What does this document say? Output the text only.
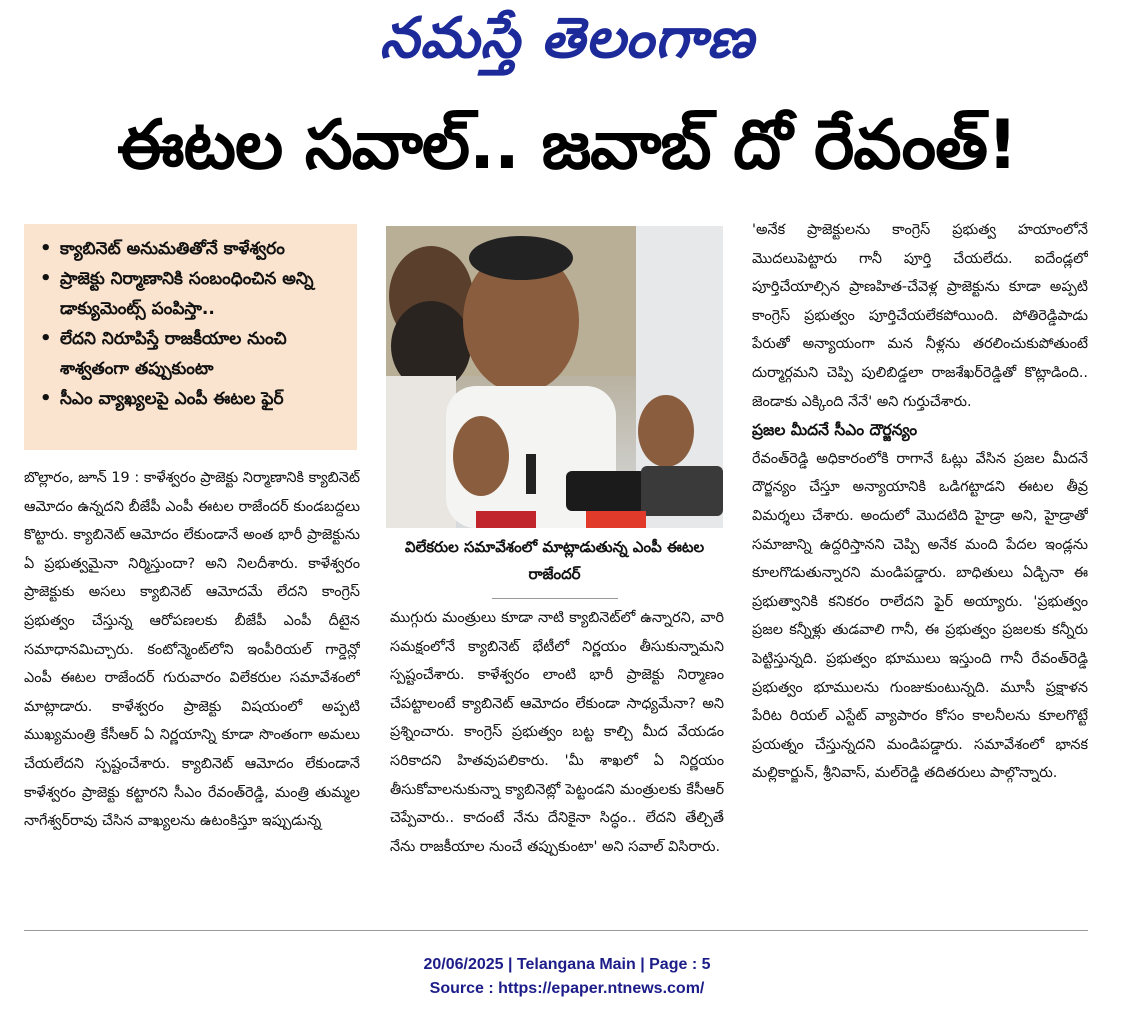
నమస్తే తెలంగాణ
ఈటల సవాల్.. జవాబ్ దో రేవంత్!
• క్యాబినెట్ అనుమతితోనే కాళేశ్వరం
• ప్రాజెక్టు నిర్మాణానికి సంబంధించిన అన్ని డాక్యుమెంట్స్ పంపిస్తా..
• లేదని నిరూపిస్తే రాజకీయాల నుంచి శాశ్వతంగా తప్పుకుంటా
• సీఎం వ్యాఖ్యలపై ఎంపీ ఈటల ఫైర్
విలేకరుల సమావేశంలో మాట్లాడుతున్న ఎంపీ ఈటల రాజేందర్

బొల్లారం, జూన్ 19 : కాళేశ్వరం ప్రాజెక్టు నిర్మాణానికి క్యాబినెట్ ఆమోదం ఉన్నదని బీజేపీ ఎంపీ ఈటల రాజేందర్ కుండబద్దలు కొట్టారు. క్యాబినెట్ ఆమోదం లేకుండానే అంత భారీ ప్రాజెక్టును ఏ ప్రభుత్వమైనా నిర్మిస్తుందా? అని నిలదీశారు. కాళేశ్వరం ప్రాజెక్టుకు అసలు క్యాబినెట్ ఆమోదమే లేదని కాంగ్రెస్ ప్రభుత్వం చేస్తున్న ఆరోపణలకు బీజేపీ ఎంపీ దీటైన సమాధానమిచ్చారు. కంటోన్మెంట్‌లోని ఇంపీరియల్ గార్డెన్లో ఎంపీ ఈటల రాజేందర్ గురువారం విలేకరుల సమావేశంలో మాట్లాడారు. కాళేశ్వరం ప్రాజెక్టు విషయంలో అప్పటి ముఖ్యమంత్రి కేసీఆర్ ఏ నిర్ణయాన్ని కూడా సొంతంగా అమలు చేయలేదని స్పష్టంచేశారు. క్యాబినెట్ ఆమోదం లేకుండానే కాళేశ్వరం ప్రాజెక్టు కట్టారని సీఎం రేవంత్‌రెడ్డి, మంత్రి తుమ్మల నాగేశ్వర్‌రావు చేసిన వాఖ్యలను ఉటంకిస్తూ ఇప్పుడున్న

ముగ్గురు మంత్రులు కూడా నాటి క్యాబినెట్‌లో ఉన్నారని, వారి సమక్షంలోనే క్యాబినెట్ భేటీలో నిర్ణయం తీసుకున్నామని స్పష్టంచేశారు. కాళేశ్వరం లాంటి భారీ ప్రాజెక్టు నిర్మాణం చేపట్టాలంటే క్యాబినెట్ ఆమోదం లేకుండా సాధ్యమేనా? అని ప్రశ్నించారు. కాంగ్రెస్ ప్రభుత్వం బట్ట కాల్చి మీద వేయడం సరికాదని హితవుపలికారు. 'మీ శాఖలో ఏ నిర్ణయం తీసుకోవాలనుకున్నా క్యాబినెట్లో పెట్టండని మంత్రులకు కేసీఆర్ చెప్పేవారు.. కాదంటే నేను దేనికైనా సిద్ధం.. లేదని తేల్చితే నేను రాజకీయాల నుంచే తప్పుకుంటా' అని సవాల్ విసిరారు.

'అనేక ప్రాజెక్టులను కాంగ్రెస్ ప్రభుత్వ హయాంలోనే మొదలుపెట్టారు గానీ పూర్తి చేయలేదు. ఐదేండ్లలో పూర్తిచేయాల్సిన ప్రాణహిత-చేవెళ్ల ప్రాజెక్టును కూడా అప్పటి కాంగ్రెస్ ప్రభుత్వం పూర్తిచేయలేకపోయింది. పోతిరెడ్డిపాడు పేరుతో అన్యాయంగా మన నీళ్లను తరలించుకుపోతుంటే దుర్మార్గమని చెప్పి పులిబిడ్డలా రాజశేఖర్‌రెడ్డితో కొట్లాడింది.. జెండాకు ఎక్కింది నేనే' అని గుర్తుచేశారు.

ప్రజల మీదనే సీఎం దౌర్జన్యం

రేవంత్‌రెడ్డి అధికారంలోకి రాగానే ఓట్లు వేసిన ప్రజల మీదనే దౌర్జన్యం చేస్తూ అన్యాయానికి ఒడిగట్టాడని ఈటల తీవ్ర విమర్శలు చేశారు. అందులో మొదటిది హైడ్రా అని, హైడ్రాతో సమాజాన్ని ఉద్దరిస్తానని చెప్పి అనేక మంది పేదల ఇండ్లను కూలగొడుతున్నారని మండిపడ్డారు. బాధితులు ఏడ్చినా ఈ ప్రభుత్వానికి కనికరం రాలేదని ఫైర్ అయ్యారు. 'ప్రభుత్వం ప్రజల కన్నీళ్లు తుడవాలి గానీ, ఈ ప్రభుత్వం ప్రజలకు కన్నీరు పెట్టిస్తున్నది. ప్రభుత్వం భూములు ఇస్తుంది గానీ రేవంత్‌రెడ్డి ప్రభుత్వం భూములను గుంజుకుంటున్నది. మూసీ ప్రక్షాళన పేరిట రియల్ ఎస్టేట్ వ్యాపారం కోసం కాలనీలను కూలగొట్టే ప్రయత్నం చేస్తున్నదని మండిపడ్డారు. సమావేశంలో భానక మల్లికార్జున్, శ్రీనివాస్, మల్‌రెడ్డి తదితరులు పాల్గొన్నారు.

20/06/2025 | Telangana Main | Page : 5
Source : https://epaper.ntnews.com/
